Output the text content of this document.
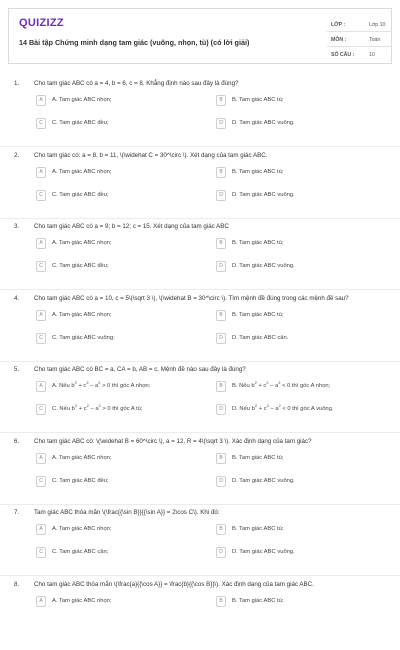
QUIZIZZ
14 Bài tập Chứng minh dạng tam giác (vuông, nhọn, tù) (có lời giải)
LỚP :	Lớp 10
MÔN :	Toán
SỐ CÂU :	10
1. Cho tam giác ABC có a = 4, b = 6, c = 8. Khẳng định nào sau đây là đúng?
A	A. Tam giác ABC nhọn;	B	B. Tam giác ABC tù;
C	C. Tam giác ABC đều;	D	D. Tam giác ABC vuông.
2. Cho tam giác có: a = 8, b = 11, \(\widehat C = 30^\circ \). Xét dạng của tam giác ABC.
A	A. Tam giác ABC nhọn;	B	B. Tam giác ABC tù;
C	C. Tam giác ABC đều;	D	D. Tam giác ABC vuông.
3. Cho tam giác ABC có a = 9; b = 12; c = 15. Xét dạng của tam giác ABC
A	A. Tam giác ABC nhọn;	B	B. Tam giác ABC tù;
C	C. Tam giác ABC đều;	D	D. Tam giác ABC vuông.
4. Cho tam giác ABC có a = 10, c = 5\(\sqrt 3 \), \(\widehat B = 30^\circ \). Tìm mệnh đề đúng trong các mệnh đề sau?
A	A. Tam giác ABC nhọn;	B	B. Tam giác ABC tù;
C	C. Tam giác ABC vuông;	D	D. Tam giác ABC cân.
5. Cho tam giác ABC có BC = a, CA = b, AB = c. Mệnh đề nào sau đây là đúng?
A	A. Nếu $b^2 + c^2 - a^2 > 0$ thì góc A nhọn;	B	B. Nếu $b^2 + c^2 - a^2 < 0$ thì góc A nhọn;
C	C. Nếu $b^2 + c^2 - a^2 > 0$ thì góc A tù;	D	D. Nếu $b^2 + c^2 - a^2 < 0$ thì góc A vuông.
6. Cho tam giác ABC có: \(\widehat B = 60^\circ \), a = 12, R = 4\(\sqrt 3 \). Xác định dạng của tam giác?
A	A. Tam giác ABC nhọn;	B	B. Tam giác ABC tù;
C	C. Tam giác ABC đều;	D	D. Tam giác ABC vuông.
7. Tam giác ABC thỏa mãn \(\frac{{\sin B}}{{\sin A}} = 2\cos C\). Khi đó:
A	A. Tam giác ABC nhọn;	B	B. Tam giác ABC tù;
C	C. Tam giác ABC cân;	D	D. Tam giác ABC vuông.
8. Cho tam giác ABC thỏa mãn \(\frac{a}{{\cos A}} = \frac{b}{{\cos B}}\). Xác định dạng của tam giác ABC.
A	A. Tam giác ABC nhọn;	B	B. Tam giác ABC tù;
